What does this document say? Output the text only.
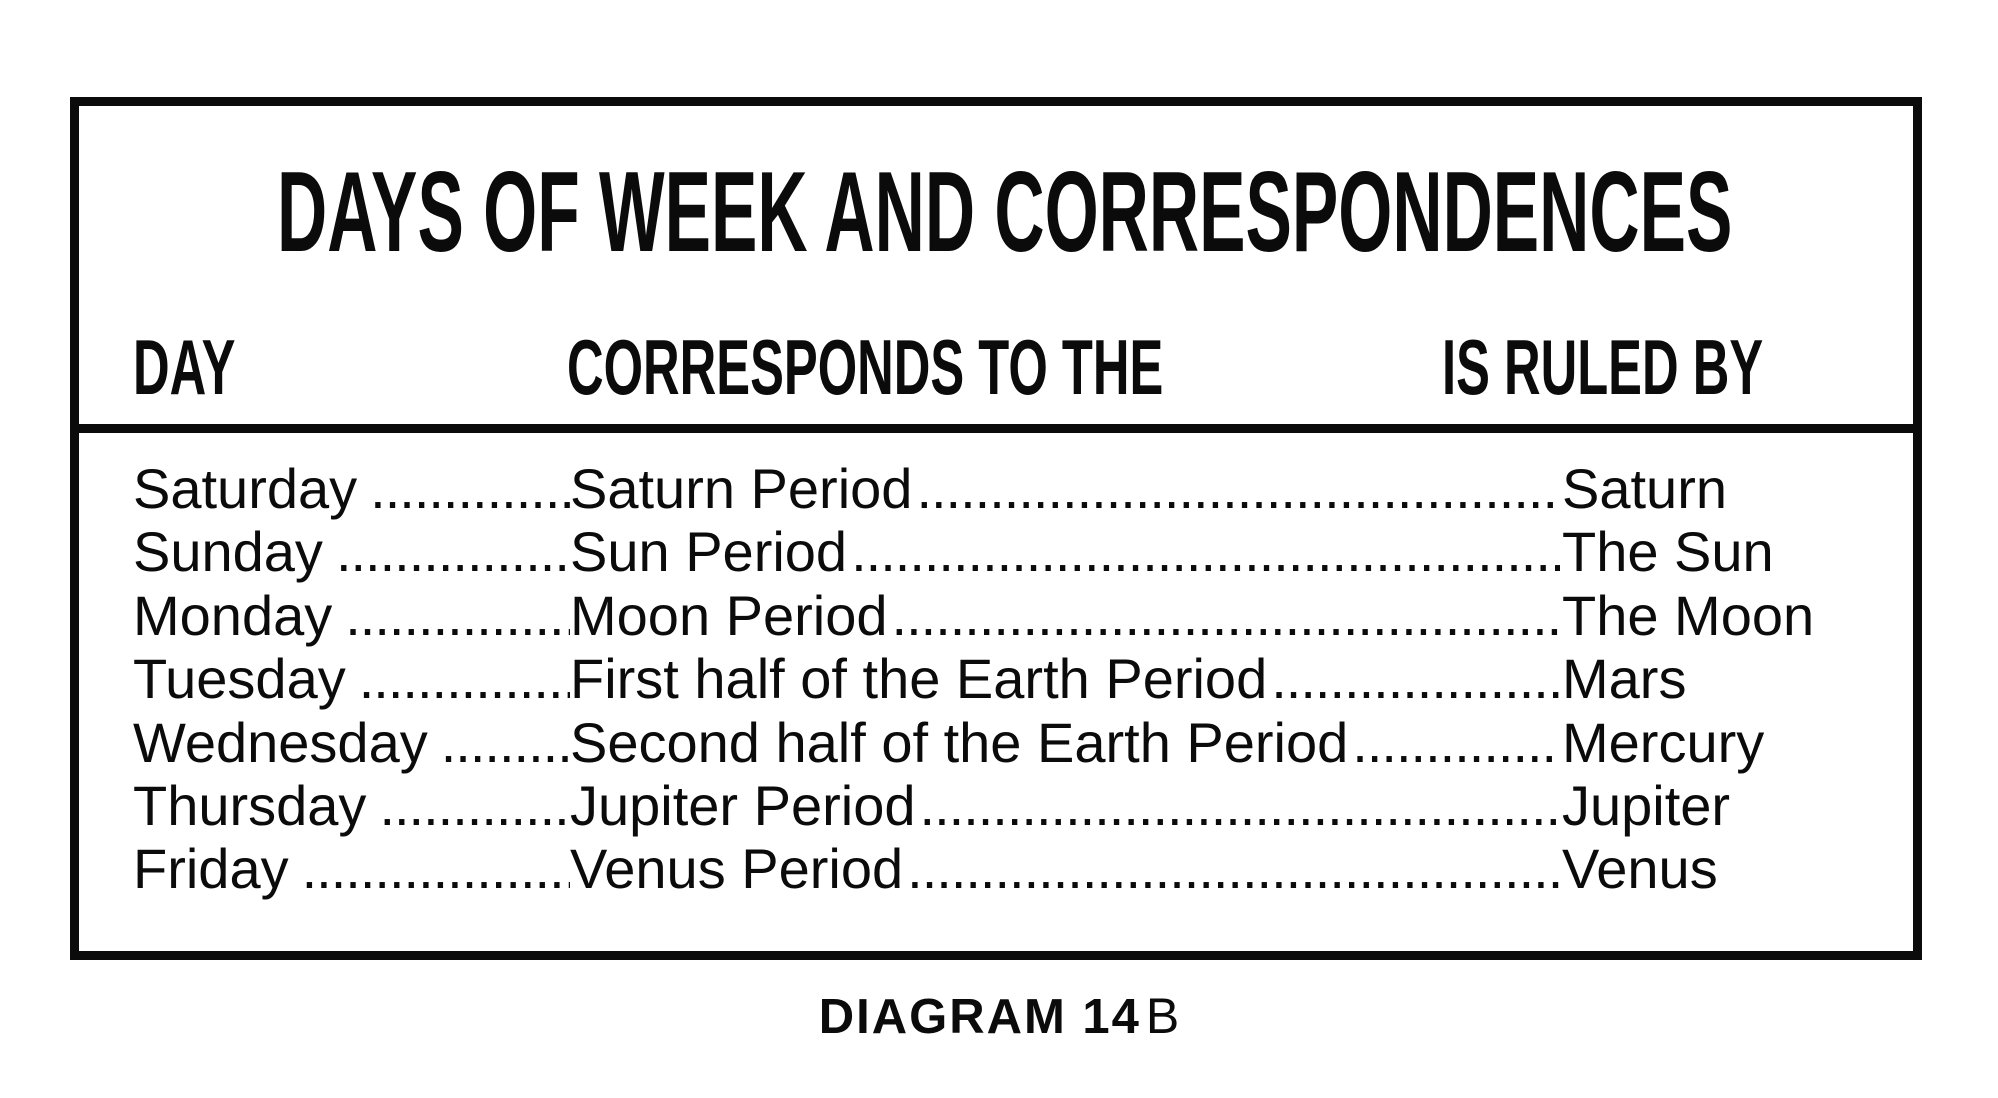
DAYS OF WEEK AND CORRESPONDENCES
DAY	CORRESPONDS TO THE	IS RULED BY
Saturday .....	Saturn Period .....	Saturn
Sunday .....	Sun Period .....	The Sun
Monday .....	Moon Period .....	The Moon
Tuesday .....	First half of the Earth Period .....	Mars
Wednesday .....	Second half of the Earth Period .....	Mercury
Thursday .....	Jupiter Period .....	Jupiter
Friday .....	Venus Period .....	Venus
DIAGRAM 14 B
